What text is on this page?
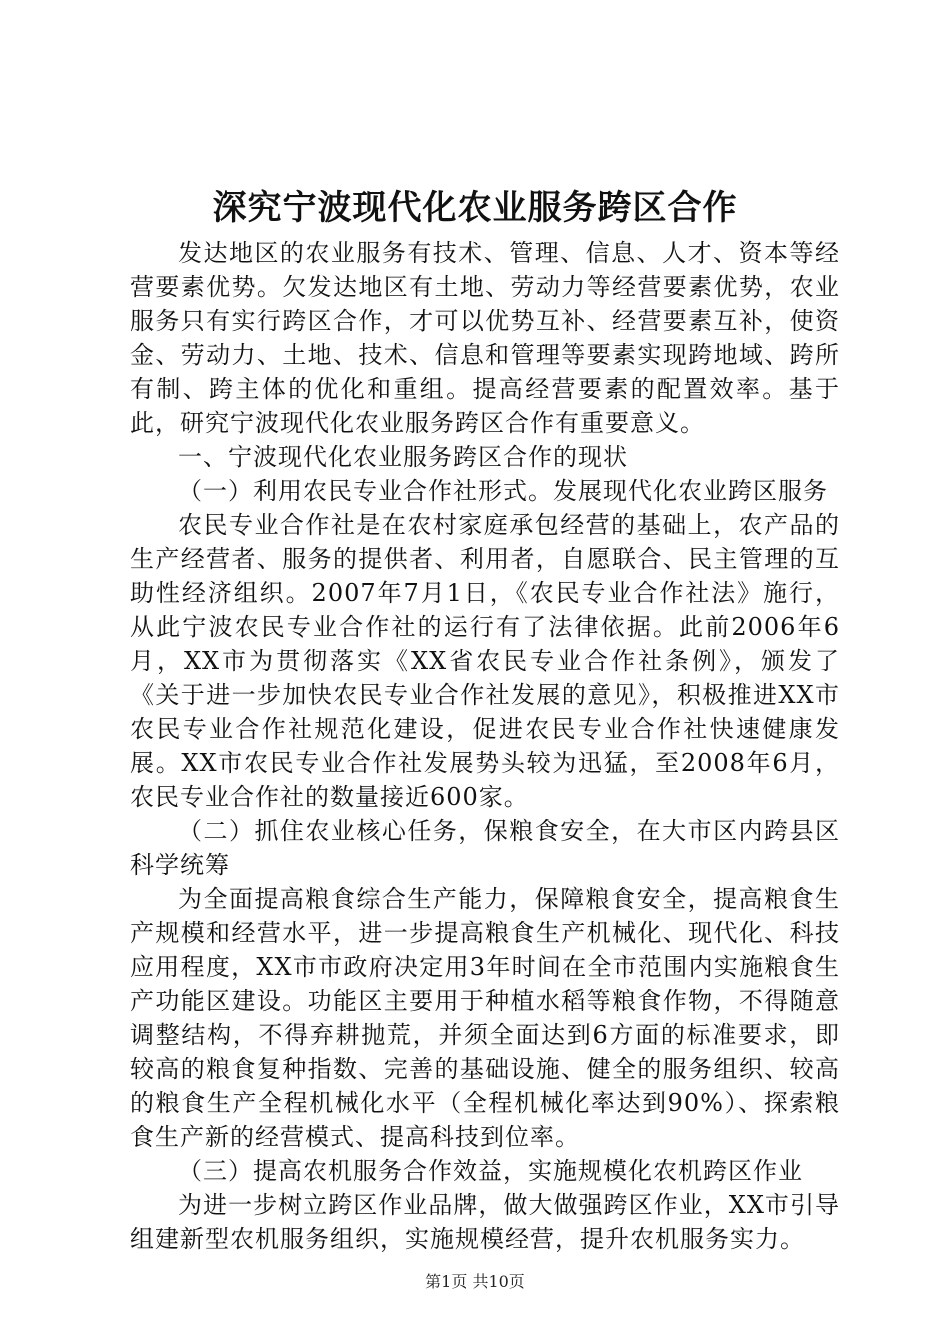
深究宁波现代化农业服务跨区合作

发达地区的农业服务有技术、管理、信息、人才、资本等经营要素优势。欠发达地区有土地、劳动力等经营要素优势，农业服务只有实行跨区合作，才可以优势互补、经营要素互补，使资金、劳动力、土地、技术、信息和管理等要素实现跨地域、跨所有制、跨主体的优化和重组。提高经营要素的配置效率。基于此，研究宁波现代化农业服务跨区合作有重要意义。

一、宁波现代化农业服务跨区合作的现状

（一）利用农民专业合作社形式。发展现代化农业跨区服务

农民专业合作社是在农村家庭承包经营的基础上，农产品的生产经营者、服务的提供者、利用者，自愿联合、民主管理的互助性经济组织。2007年7月1日，《农民专业合作社法》施行，从此宁波农民专业合作社的运行有了法律依据。此前2006年6月，XX市为贯彻落实《XX省农民专业合作社条例》，颁发了《关于进一步加快农民专业合作社发展的意见》，积极推进XX市农民专业合作社规范化建设，促进农民专业合作社快速健康发展。XX市农民专业合作社发展势头较为迅猛，至2008年6月，农民专业合作社的数量接近600家。

（二）抓住农业核心任务，保粮食安全，在大市区内跨县区科学统筹

为全面提高粮食综合生产能力，保障粮食安全，提高粮食生产规模和经营水平，进一步提高粮食生产机械化、现代化、科技应用程度，XX市市政府决定用3年时间在全市范围内实施粮食生产功能区建设。功能区主要用于种植水稻等粮食作物，不得随意调整结构，不得弃耕抛荒，并须全面达到6方面的标准要求，即较高的粮食复种指数、完善的基础设施、健全的服务组织、较高的粮食生产全程机械化水平（全程机械化率达到90%）、探索粮食生产新的经营模式、提高科技到位率。

（三）提高农机服务合作效益，实施规模化农机跨区作业

为进一步树立跨区作业品牌，做大做强跨区作业，XX市引导组建新型农机服务组织，实施规模经营，提升农机服务实力。

第1页 共10页
